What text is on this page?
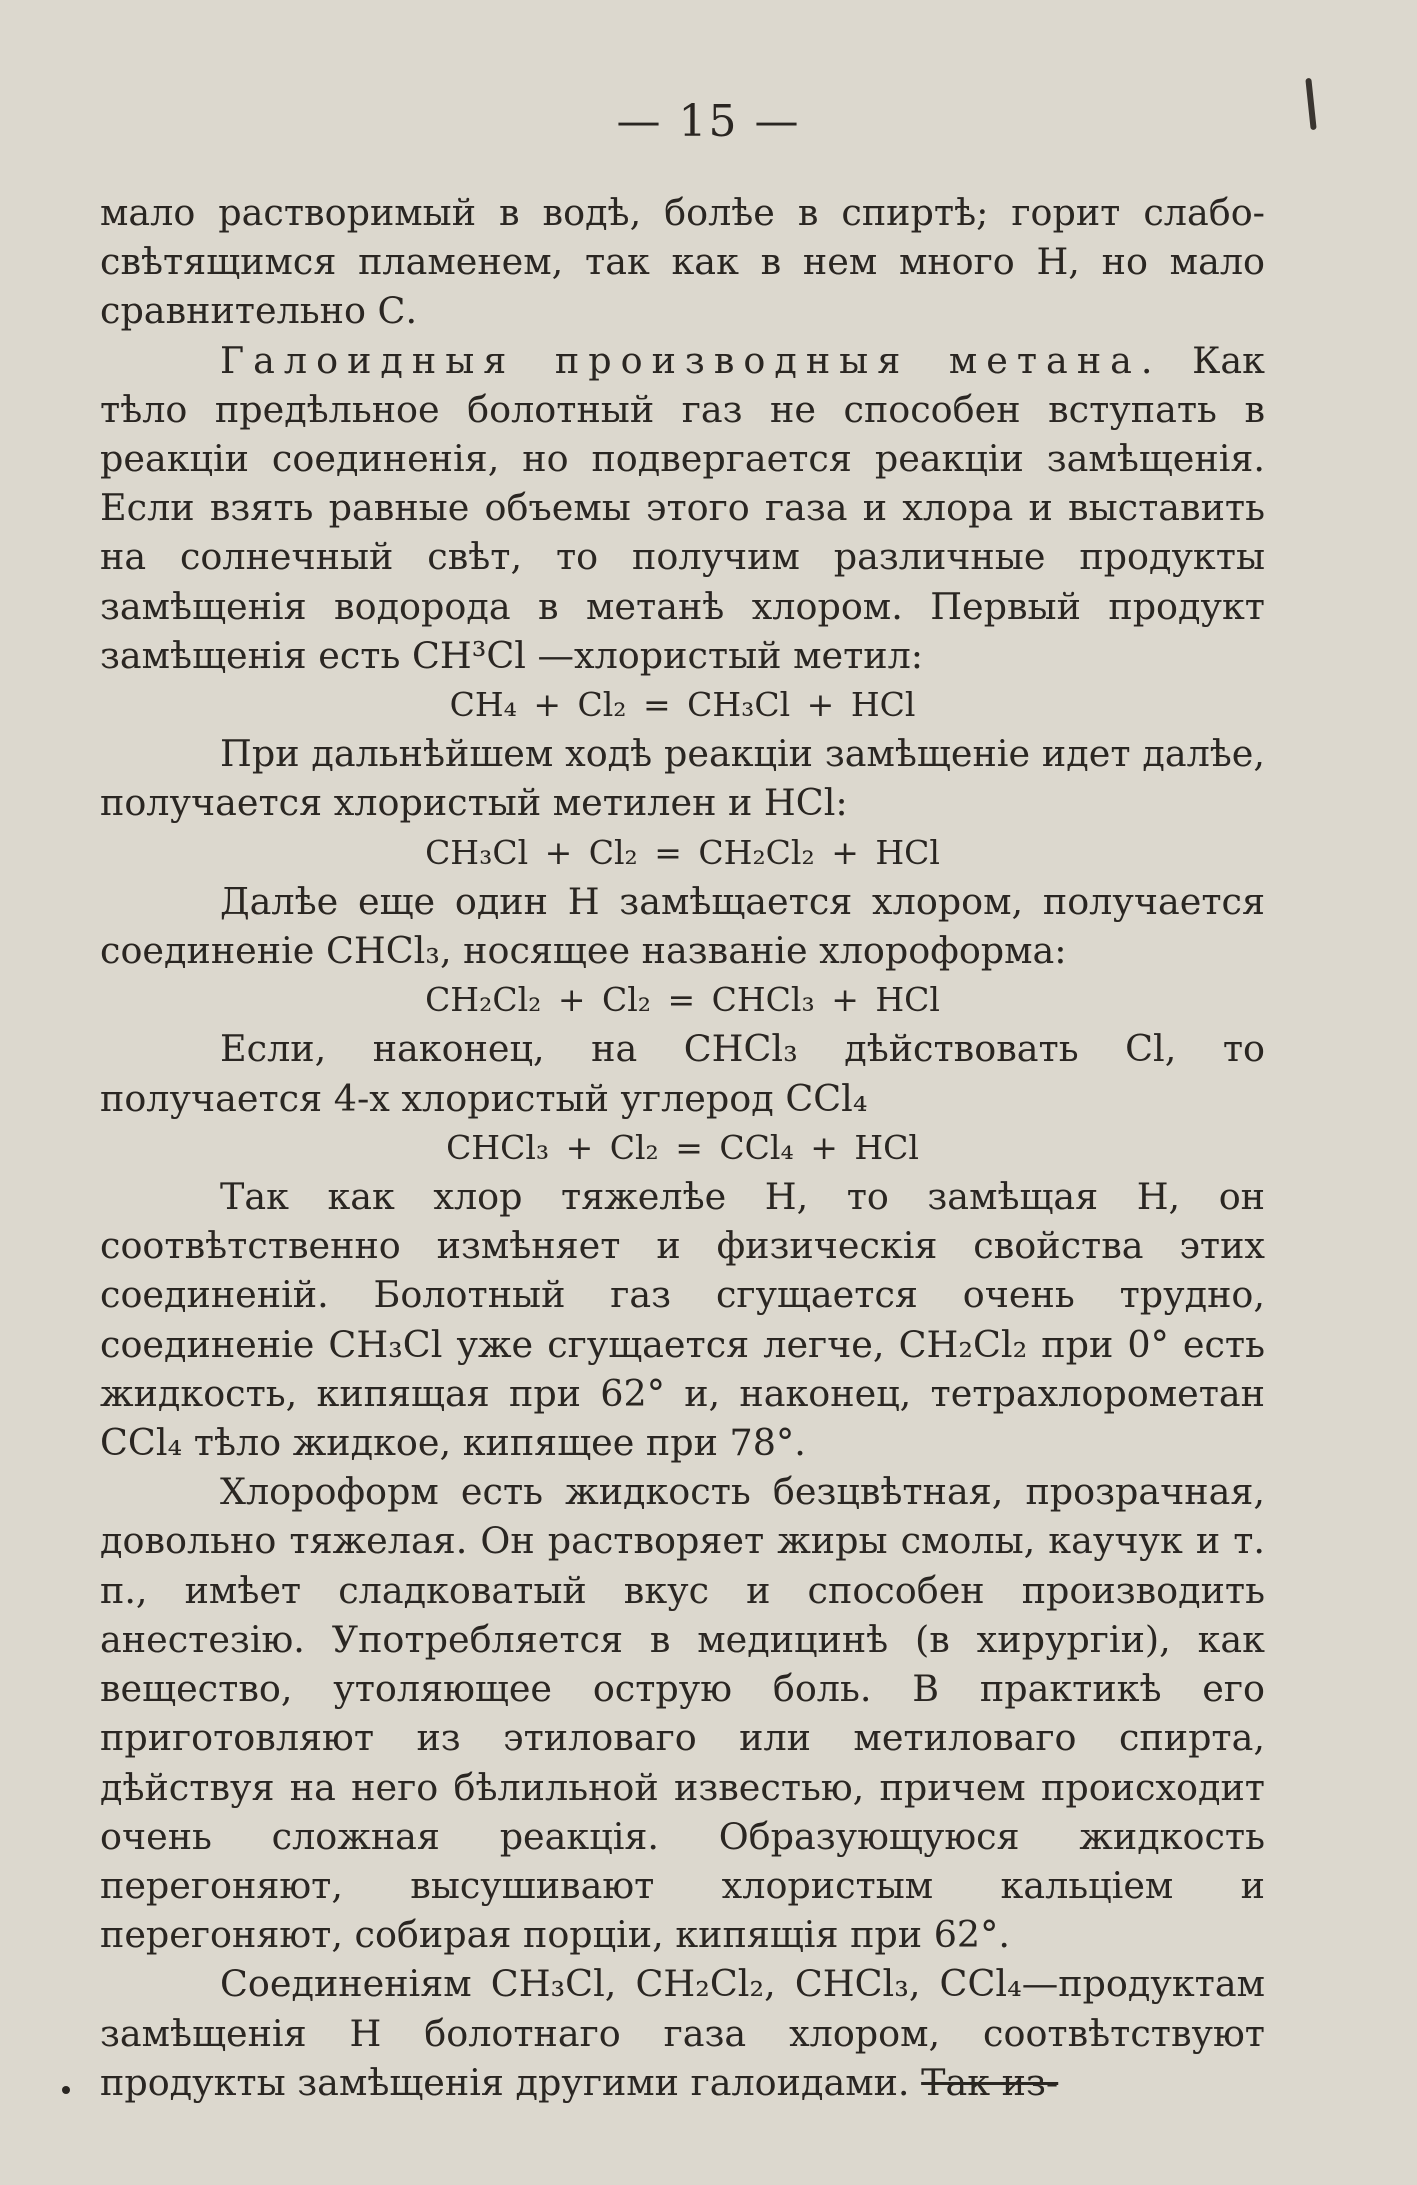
— 15 —

мало растворимый в водѣ, болѣе в спиртѣ; горит слабо-свѣтящимся пламенем, так как в нем много Н, но мало сравнительно С.

Галоидныя производныя метана. Как тѣло предѣльное болотный газ не способен вступать в реакціи соединенія, но подвергается реакціи замѣщенія. Если взять равные объемы этого газа и хлора и выставить на солнечный свѣт, то получим различные продукты замѣщенія водорода в метанѣ хлором. Первый продукт замѣщенія есть СН³Cl —хлористый метил:

CH₄ + Cl₂ = CH₃Cl + HCl

При дальнѣйшем ходѣ реакціи замѣщеніе идет далѣе, получается хлористый метилен и НCl:

CH₃Cl + Cl₂ = CH₂Cl₂ + HCl

Далѣе еще один Н замѣщается хлором, получается соединеніе СНCl₃, носящее названіе хлороформа:

CH₂Cl₂ + Cl₂ = CHCl₃ + HCl

Если, наконец, на СНCl₃ дѣйствовать Cl, то получается 4-х хлористый углерод CCl₄

CHCl₃ + Cl₂ = CCl₄ + HCl

Так как хлор тяжелѣе Н, то замѣщая Н, он соотвѣтственно измѣняет и физическія свойства этих соединеній. Болотный газ сгущается очень трудно, соединеніе СН₃Cl уже сгущается легче, СН₂Cl₂ при 0° есть жидкость, кипящая при 62° и, наконец, тетрахлорометан CCl₄ тѣло жидкое, кипящее при 78°.

Хлороформ есть жидкость безцвѣтная, прозрачная, довольно тяжелая. Он растворяет жиры смолы, каучук и т. п., имѣет сладковатый вкус и способен производить анестезію. Употребляется в медицинѣ (в хирургіи), как вещество, утоляющее острую боль. В практикѣ его приготовляют из этиловаго или метиловаго спирта, дѣйствуя на него бѣлильной известью, причем происходит очень сложная реакція. Образующуюся жидкость перегоняют, высушивают хлористым кальціем и перегоняют, собирая порціи, кипящія при 62°.

Соединеніям СН₃Cl, СН₂Cl₂, СНCl₃, CCl₄—продуктам замѣщенія Н болотнаго газа хлором, соотвѣтствуют продукты замѣщенія другими галоидами. Так из-
